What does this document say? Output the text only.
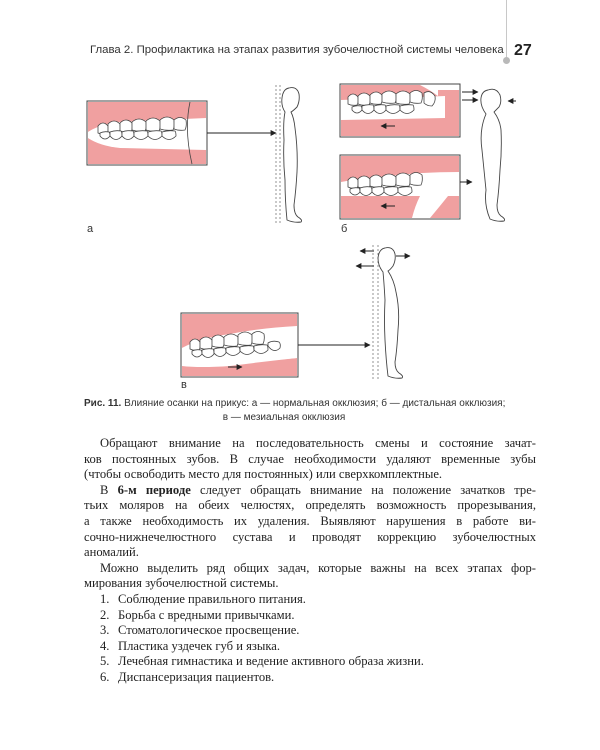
Глава 2. Профилактика на этапах развития зубочелюстной системы человека 27
а	б
в
Рис. 11. Влияние осанки на прикус: а — нормальная окклюзия; б — дистальная окклюзия;
в — мезиальная окклюзия
Обращают внимание на последовательность смены и состояние зачат-
ков постоянных зубов. В случае необходимости удаляют временные зубы
(чтобы освободить место для постоянных) или сверхкомплектные.
В 6-м периоде следует обращать внимание на положение зачатков тре-
тьих моляров на обеих челюстях, определять возможность прорезывания,
а также необходимость их удаления. Выявляют нарушения в работе ви-
сочно-нижнечелюстного сустава и проводят коррекцию зубочелюстных
аномалий.
Можно выделить ряд общих задач, которые важны на всех этапах фор-
мирования зубочелюстной системы.
1. Соблюдение правильного питания.
2. Борьба с вредными привычками.
3. Стоматологическое просвещение.
4. Пластика уздечек губ и языка.
5. Лечебная гимнастика и ведение активного образа жизни.
6. Диспансеризация пациентов.
